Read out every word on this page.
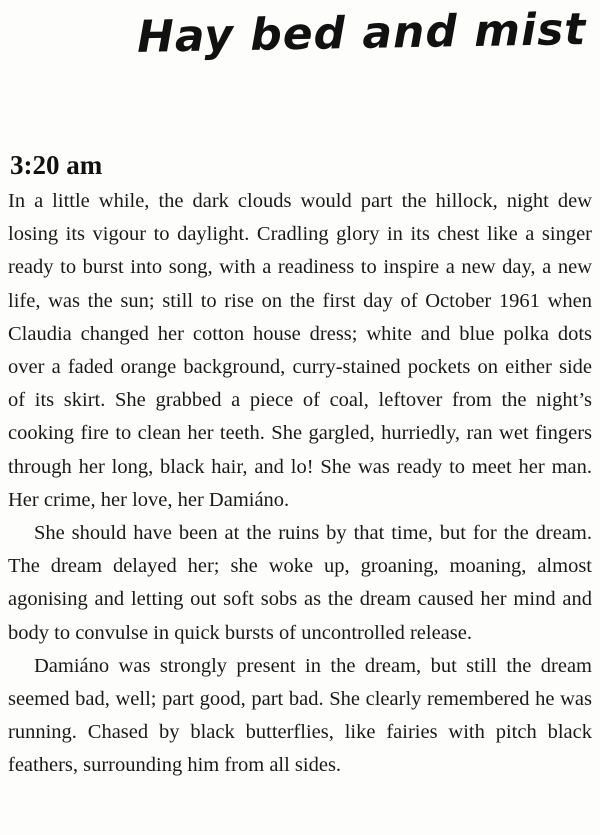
Hay bed and mist
3:20 am

In a little while, the dark clouds would part the hillock, night dew losing its vigour to daylight. Cradling glory in its chest like a singer ready to burst into song, with a readiness to inspire a new day, a new life, was the sun; still to rise on the first day of October 1961 when Claudia changed her cotton house dress; white and blue polka dots over a faded orange background, curry-stained pockets on either side of its skirt. She grabbed a piece of coal, leftover from the night’s cooking fire to clean her teeth. She gargled, hurriedly, ran wet fingers through her long, black hair, and lo! She was ready to meet her man. Her crime, her love, her Damiáno.

She should have been at the ruins by that time, but for the dream. The dream delayed her; she woke up, groaning, moaning, almost agonising and letting out soft sobs as the dream caused her mind and body to convulse in quick bursts of uncontrolled release.

Damiáno was strongly present in the dream, but still the dream seemed bad, well; part good, part bad. She clearly remembered he was running. Chased by black butterflies, like fairies with pitch black feathers, surrounding him from all sides.
